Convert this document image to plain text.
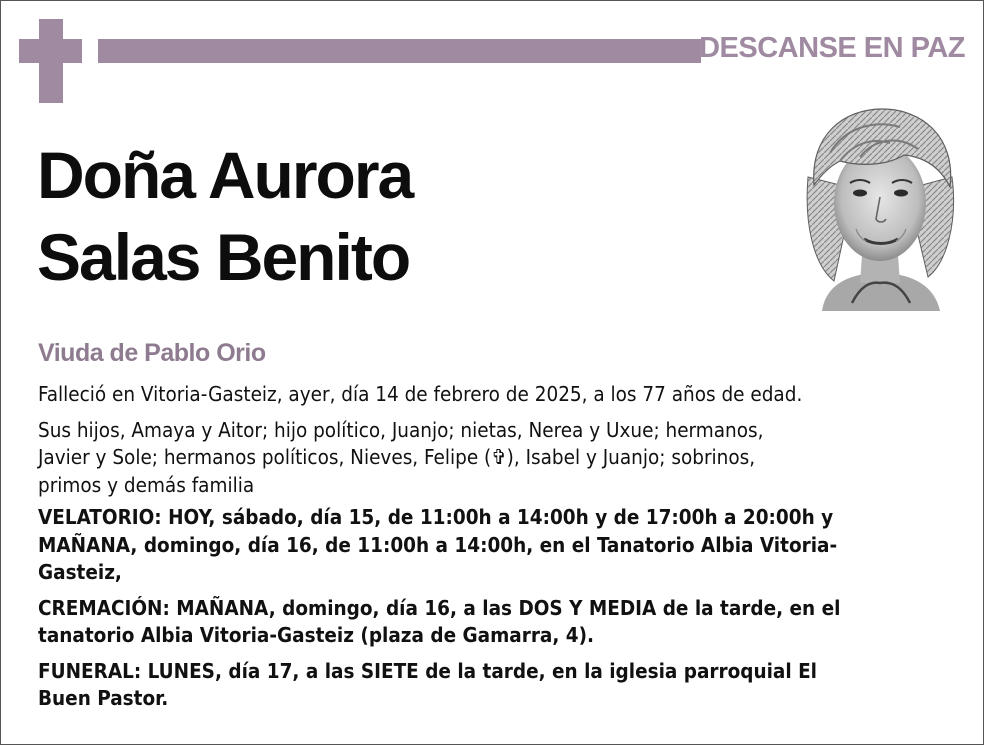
DESCANSE EN PAZ
Doña Aurora
Salas Benito
Viuda de Pablo Orio

Falleció en Vitoria-Gasteiz, ayer, día 14 de febrero de 2025, a los 77 años de edad.

Sus hijos, Amaya y Aitor; hijo político, Juanjo; nietas, Nerea y Uxue; hermanos,

Javier y Sole; hermanos políticos, Nieves, Felipe (✞), Isabel y Juanjo; sobrinos,

primos y demás familia

VELATORIO: HOY, sábado, día 15, de 11:00h a 14:00h y de 17:00h a 20:00h y

MAÑANA, domingo, día 16, de 11:00h a 14:00h, en el Tanatorio Albia Vitoria-

Gasteiz,

CREMACIÓN: MAÑANA, domingo, día 16, a las DOS Y MEDIA de la tarde, en el

tanatorio Albia Vitoria-Gasteiz (plaza de Gamarra, 4).

FUNERAL: LUNES, día 17, a las SIETE de la tarde, en la iglesia parroquial El

Buen Pastor.
